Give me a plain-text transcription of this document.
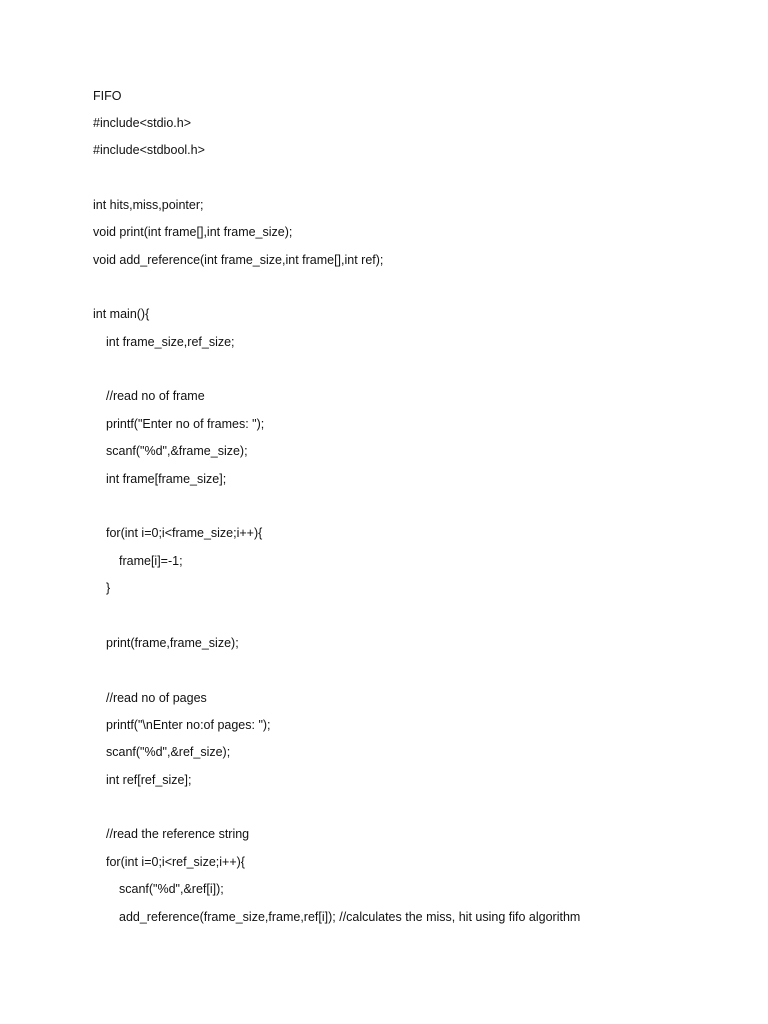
FIFO
#include<stdio.h>
#include<stdbool.h>
int hits,miss,pointer;
void print(int frame[],int frame_size);
void add_reference(int frame_size,int frame[],int ref);
int main(){
int frame_size,ref_size;
//read no of frame
printf("Enter no of frames: ");
scanf("%d",&frame_size);
int frame[frame_size];
for(int i=0;i<frame_size;i++){
frame[i]=-1;
}
print(frame,frame_size);
//read no of pages
printf("\nEnter no:of pages: ");
scanf("%d",&ref_size);
int ref[ref_size];
//read the reference string
for(int i=0;i<ref_size;i++){
scanf("%d",&ref[i]);
add_reference(frame_size,frame,ref[i]); //calculates the miss, hit using fifo algorithm
